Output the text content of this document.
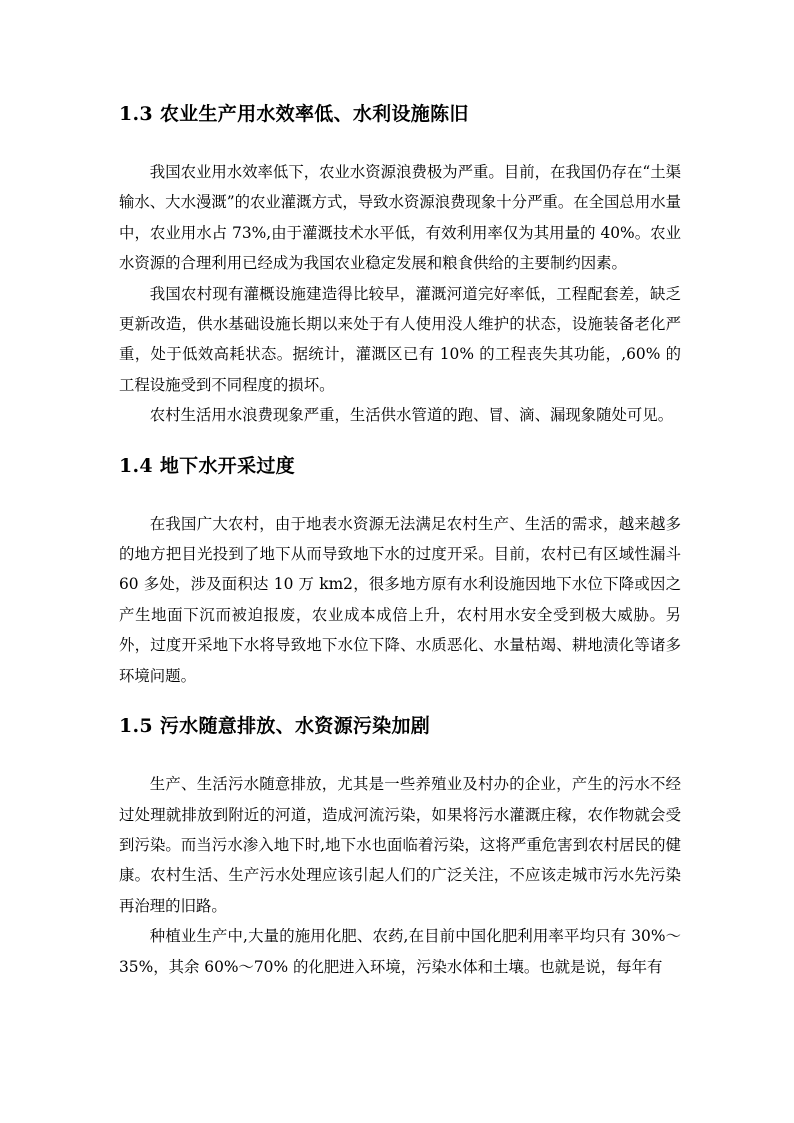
1.3 农业生产用水效率低、水利设施陈旧

我国农业用水效率低下，农业水资源浪费极为严重。目前，在我国仍存在“土渠输水、大水漫溉”的农业灌溉方式，导致水资源浪费现象十分严重。在全国总用水量中，农业用水占 73%,由于灌溉技术水平低，有效利用率仅为其用量的 40%。农业水资源的合理利用已经成为我国农业稳定发展和粮食供给的主要制约因素。

我国农村现有灌概设施建造得比较早，灌溉河道完好率低，工程配套差，缺乏更新改造，供水基础设施长期以来处于有人使用没人维护的状态，设施装备老化严重，处于低效高耗状态。据统计，灌溉区已有 10% 的工程丧失其功能，,60% 的工程设施受到不同程度的损坏。

农村生活用水浪费现象严重，生活供水管道的跑、冒、滴、漏现象随处可见。

1.4 地下水开采过度

在我国广大农村，由于地表水资源无法满足农村生产、生活的需求，越来越多的地方把目光投到了地下从而导致地下水的过度开采。目前，农村已有区域性漏斗 60 多处，涉及面积达 10 万 km2，很多地方原有水利设施因地下水位下降或因之产生地面下沉而被迫报废，农业成本成倍上升，农村用水安全受到极大威胁。另外，过度开采地下水将导致地下水位下降、水质恶化、水量枯竭、耕地渍化等诸多环境问题。

1.5 污水随意排放、水资源污染加剧

生产、生活污水随意排放，尤其是一些养殖业及村办的企业，产生的污水不经过处理就排放到附近的河道，造成河流污染，如果将污水灌溉庄稼，农作物就会受到污染。而当污水渗入地下时,地下水也面临着污染，这将严重危害到农村居民的健康。农村生活、生产污水处理应该引起人们的广泛关注，不应该走城市污水先污染再治理的旧路。

种植业生产中,大量的施用化肥、农药,在目前中国化肥利用率平均只有 30%～35%，其余 60%～70% 的化肥进入环境，污染水体和土壤。也就是说，每年有
